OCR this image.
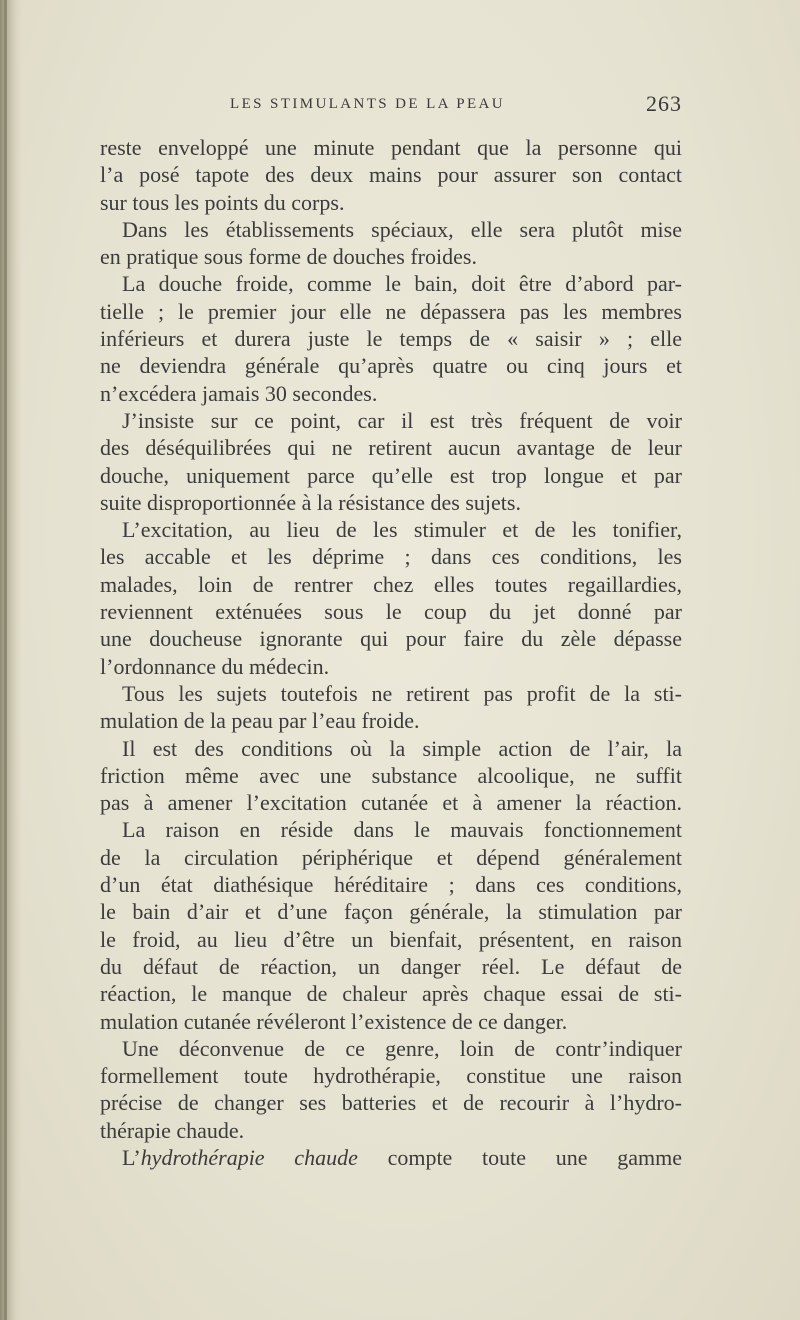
LES STIMULANTS DE LA PEAU	263
reste enveloppé une minute pendant que la personne qui
l’a posé tapote des deux mains pour assurer son contact
sur tous les points du corps.
Dans les établissements spéciaux, elle sera plutôt mise
en pratique sous forme de douches froides.
La douche froide, comme le bain, doit être d’abord par-
tielle ; le premier jour elle ne dépassera pas les membres
inférieurs et durera juste le temps de « saisir » ; elle
ne deviendra générale qu’après quatre ou cinq jours et
n’excédera jamais 30 secondes.
J’insiste sur ce point, car il est très fréquent de voir
des déséquilibrées qui ne retirent aucun avantage de leur
douche, uniquement parce qu’elle est trop longue et par
suite disproportionnée à la résistance des sujets.
L’excitation, au lieu de les stimuler et de les tonifier,
les accable et les déprime ; dans ces conditions, les
malades, loin de rentrer chez elles toutes regaillardies,
reviennent exténuées sous le coup du jet donné par
une doucheuse ignorante qui pour faire du zèle dépasse
l’ordonnance du médecin.
Tous les sujets toutefois ne retirent pas profit de la sti-
mulation de la peau par l’eau froide.
Il est des conditions où la simple action de l’air, la
friction même avec une substance alcoolique, ne suffit
pas à amener l’excitation cutanée et à amener la réaction.
La raison en réside dans le mauvais fonctionnement
de la circulation périphérique et dépend généralement
d’un état diathésique héréditaire ; dans ces conditions,
le bain d’air et d’une façon générale, la stimulation par
le froid, au lieu d’être un bienfait, présentent, en raison
du défaut de réaction, un danger réel. Le défaut de
réaction, le manque de chaleur après chaque essai de sti-
mulation cutanée révéleront l’existence de ce danger.
Une déconvenue de ce genre, loin de contr’indiquer
formellement toute hydrothérapie, constitue une raison
précise de changer ses batteries et de recourir à l’hydro-
thérapie chaude.
L’hydrothérapie chaude compte toute une gamme
